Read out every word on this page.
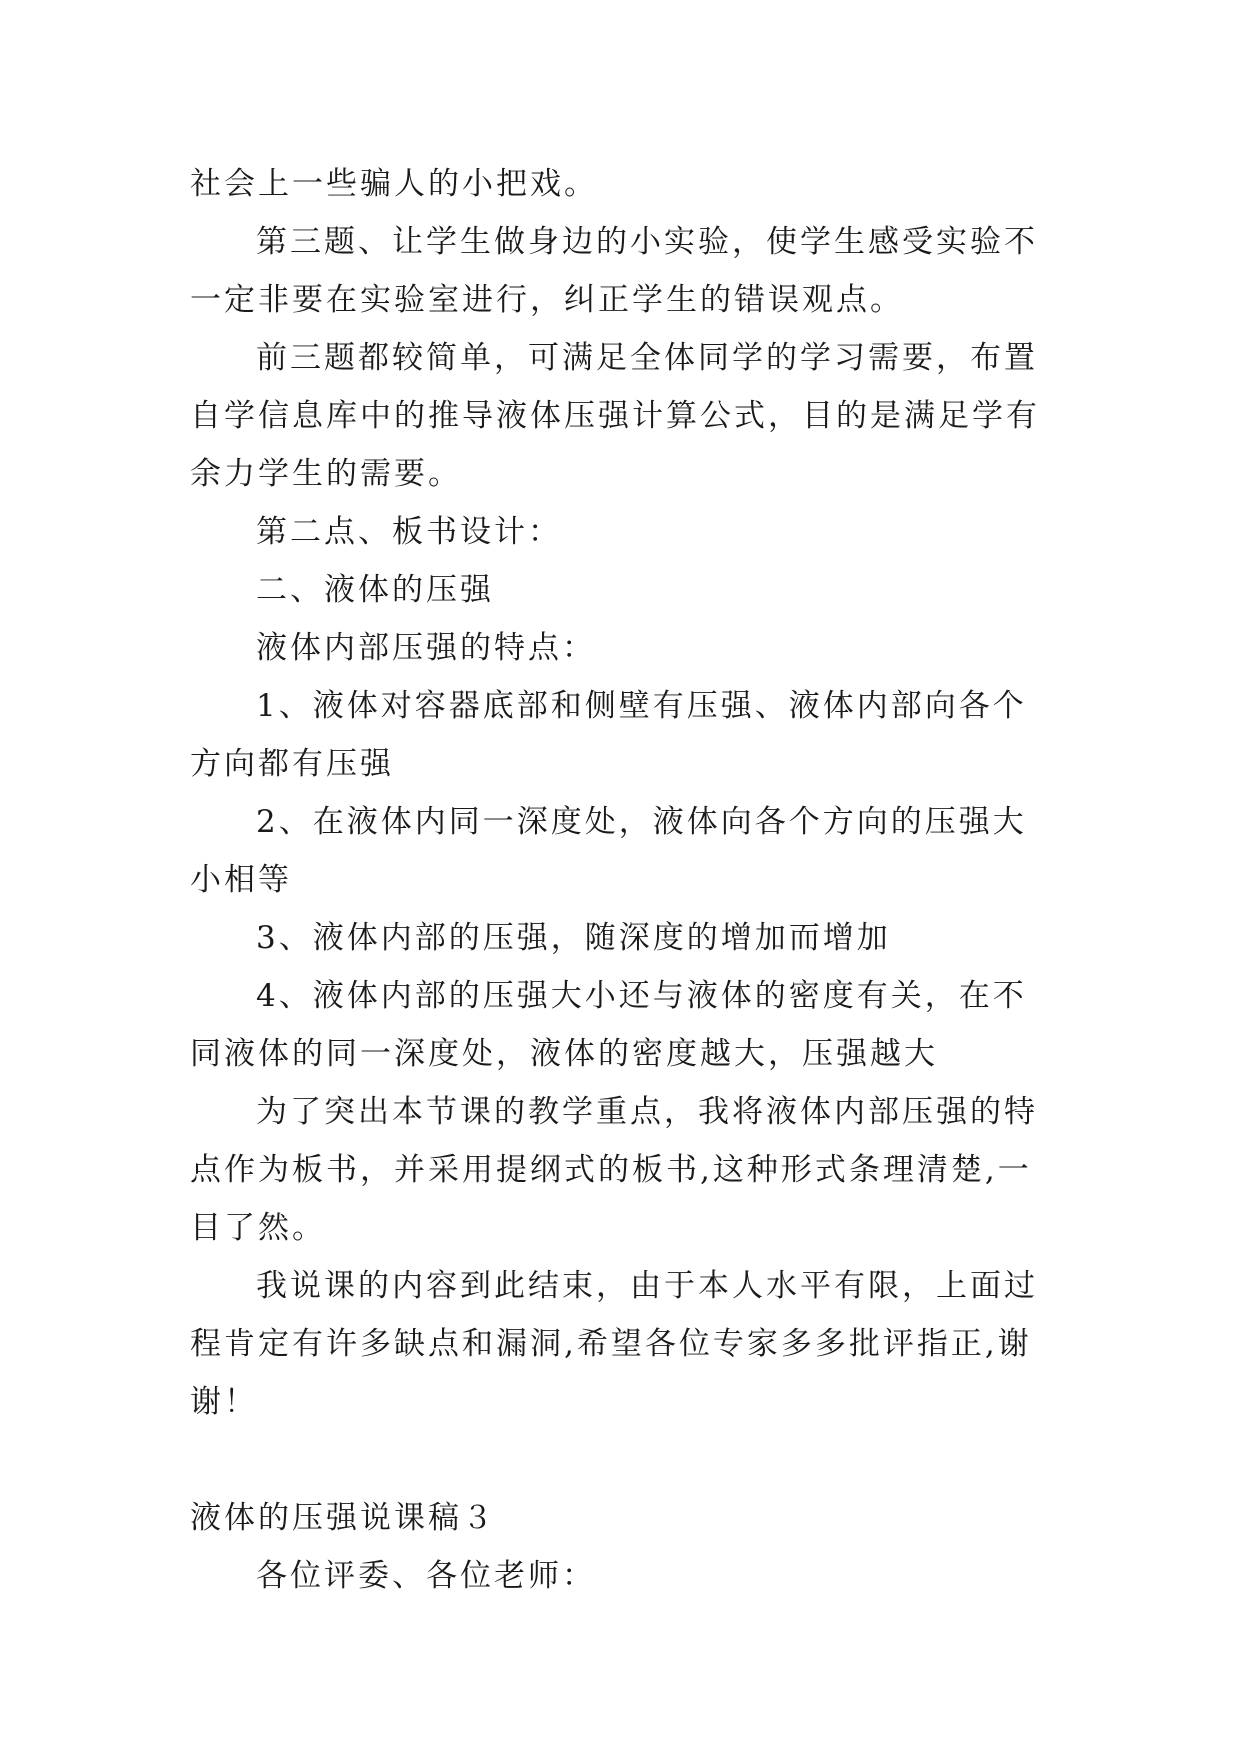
社会上一些骗人的小把戏。

第三题、让学生做身边的小实验，使学生感受实验不一定非要在实验室进行，纠正学生的错误观点。

前三题都较简单，可满足全体同学的学习需要，布置自学信息库中的推导液体压强计算公式，目的是满足学有余力学生的需要。

第二点、板书设计：

二、液体的压强

液体内部压强的特点：

1、液体对容器底部和侧壁有压强、液体内部向各个方向都有压强

2、在液体内同一深度处，液体向各个方向的压强大小相等

3、液体内部的压强，随深度的增加而增加

4、液体内部的压强大小还与液体的密度有关，在不同液体的同一深度处，液体的密度越大，压强越大

为了突出本节课的教学重点，我将液体内部压强的特点作为板书，并采用提纲式的板书,这种形式条理清楚,一目了然。

我说课的内容到此结束，由于本人水平有限，上面过程肯定有许多缺点和漏洞,希望各位专家多多批评指正,谢谢！

液体的压强说课稿３

各位评委、各位老师：
